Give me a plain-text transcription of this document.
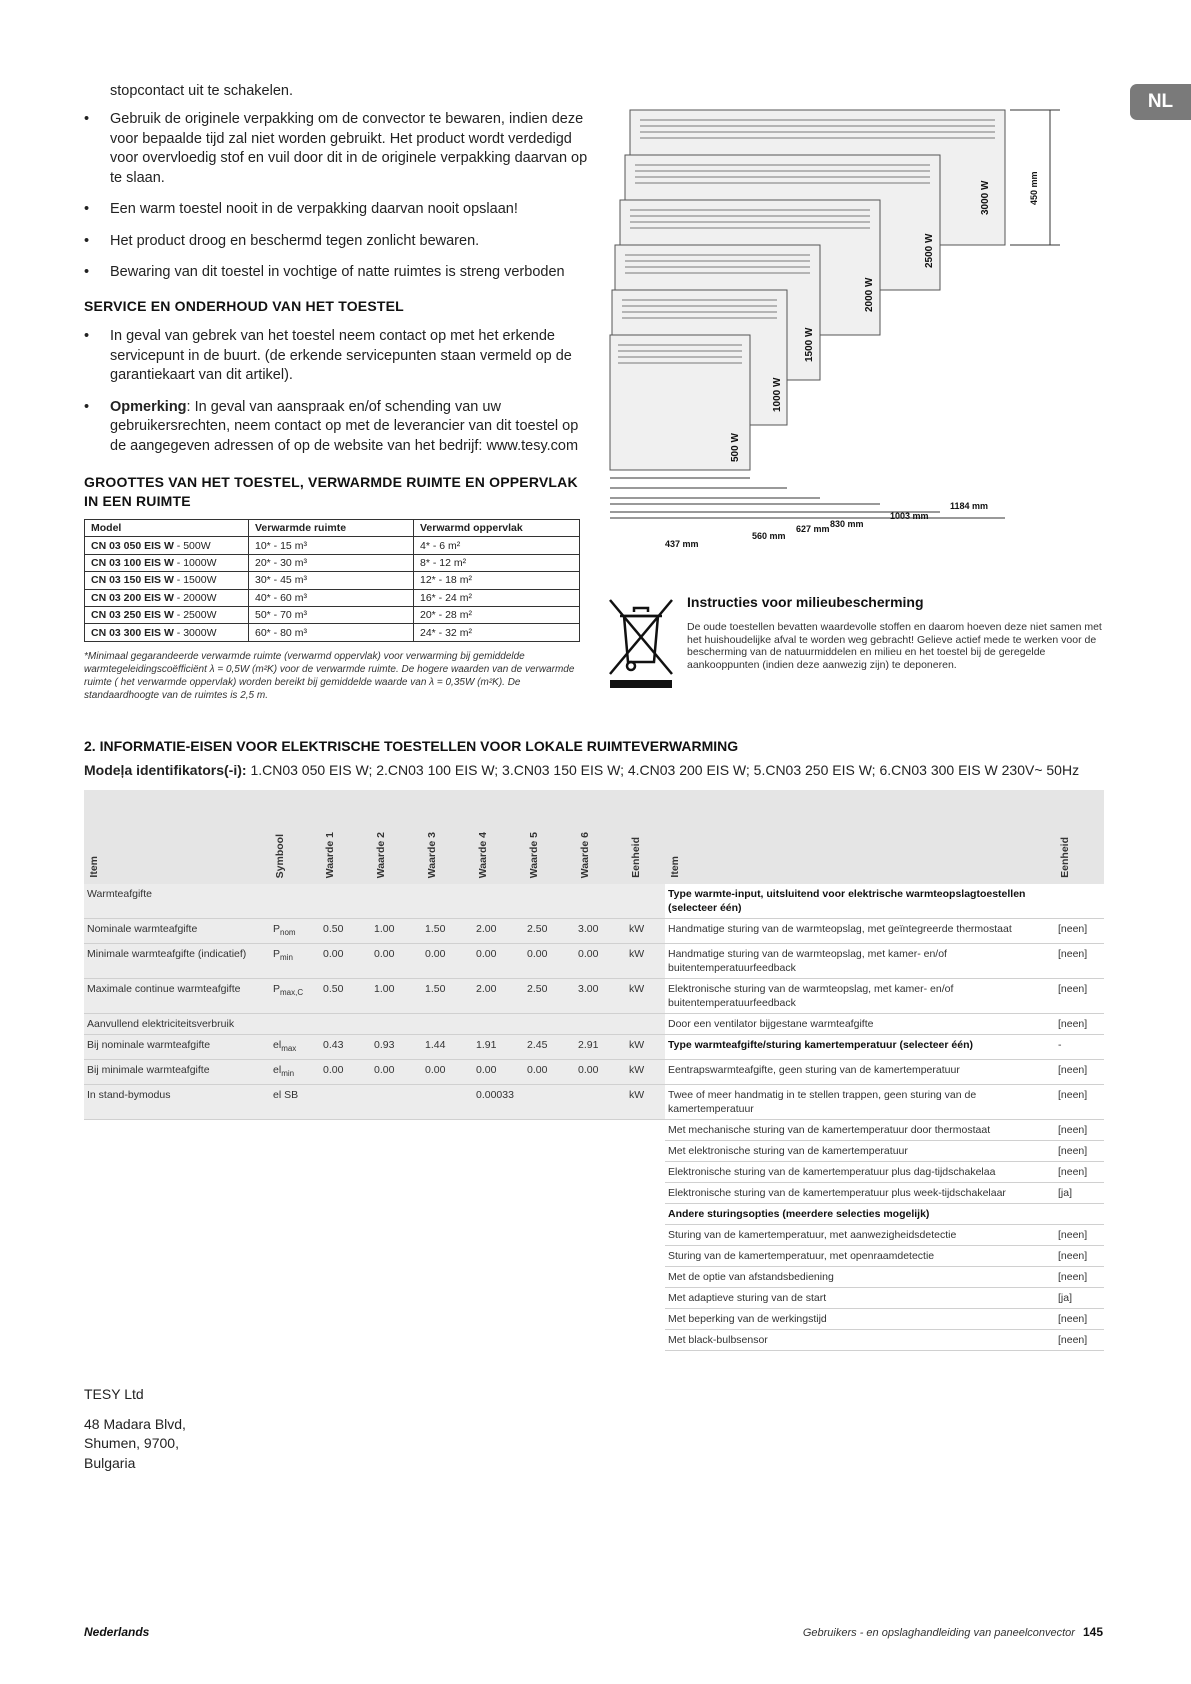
NL
stopcontact uit te schakelen.
• Gebruik de originele verpakking om de convector te bewaren, indien deze voor bepaalde tijd zal niet worden gebruikt. Het product wordt verdedigd voor overvloedig stof en vuil door dit in de originele verpakking daarvan op te slaan.
• Een warm toestel nooit in de verpakking daarvan nooit opslaan!
• Het product droog en beschermd tegen zonlicht bewaren.
• Bewaring van dit toestel in vochtige of natte ruimtes is streng verboden
SERVICE EN ONDERHOUD VAN HET TOESTEL
• In geval van gebrek van het toestel neem contact op met het erkende servicepunt in de buurt. (de erkende servicepunten staan vermeld op de garantiekaart van dit artikel).
• Opmerking: In geval van aanspraak en/of schending van uw gebruikersrechten, neem contact op met de leverancier van dit toestel op de aangegeven adressen of op de website van het bedrijf: www.tesy.com
GROOTTES VAN HET TOESTEL, VERWARMDE RUIMTE EN OPPERVLAK
IN EEN RUIMTE
Model	Verwarmde ruimte	Verwarmd oppervlak
CN 03 050 EIS W - 500W	10* - 15 m³	4* - 6 m²
CN 03 100 EIS W - 1000W	20* - 30 m³	8* - 12 m²
CN 03 150 EIS W - 1500W	30* - 45 m³	12* - 18 m²
CN 03 200 EIS W - 2000W	40* - 60 m³	16* - 24 m²
CN 03 250 EIS W - 2500W	50* - 70 m³	20* - 28 m²
CN 03 300 EIS W - 3000W	60* - 80 m³	24* - 32 m²
*Minimaal gegarandeerde verwarmde ruimte (verwarmd oppervlak) voor verwarming bij gemiddelde warmtegeleidingscoëfficiënt λ = 0,5W (m²K) voor de verwarmde ruimte. De hogere waarden van de verwarmde ruimte ( het verwarmde oppervlak) worden bereikt bij gemiddelde waarde van λ = 0,35W (m²K). De standaardhoogte van de ruimtes is 2,5 m.
500 W
1000 W
1500 W
2000 W
2500 W
3000 W	450 mm
437 mm
560 mm
627 mm 830 mm
1003 mm
1184 mm
Instructies voor milieubescherming
De oude toestellen bevatten waardevolle stoffen en daarom hoeven deze niet samen met het huishoudelijke afval te worden weg gebracht! Gelieve actief mede te werken voor de bescherming van de natuurmiddelen en milieu en het toestel bij de geregelde aankooppunten (indien deze aanwezig zijn) te deponeren.
2. INFORMATIE-EISEN VOOR ELEKTRISCHE TOESTELLEN VOOR LOKALE RUIMTEVERWARMING
Modeļa identifikators(-i): 1.CN03 050 EIS W; 2.CN03 100 EIS W; 3.CN03 150 EIS W; 4.CN03 200 EIS W; 5.CN03 250 EIS W; 6.CN03 300 EIS W 230V~ 50Hz
Item	Symbool	Waarde 1	Waarde 2	Waarde 3	Waarde 4	Waarde 5	Waarde 6	Eenheid	Item	Eenheid

Warmteafgifte									Type warmte-input, uitsluitend voor elektrische warmteopslagtoestellen (selecteer één)	
Nominale warmteafgifte	$P_{nom}$	0.50	1.00	1.50	2.00	2.50	3.00	kW	Handmatige sturing van de warmteopslag, met geïntegreerde thermostaat	[neen]
Minimale warmteafgifte (indicatief)	$P_{min}$	0.00	0.00	0.00	0.00	0.00	0.00	kW	Handmatige sturing van de warmteopslag, met kamer- en/of buitentemperatuurfeedback	[neen]
Maximale continue warmteafgifte	$P_{max,C}$	0.50	1.00	1.50	2.00	2.50	3.00	kW	Elektronische sturing van de warmteopslag, met kamer- en/of buitentemperatuurfeedback	[neen]
Aanvullend elektriciteitsverbruik									Door een ventilator bijgestane warmteafgifte	[neen]
Bij nominale warmteafgifte	$el_{max}$	0.43	0.93	1.44	1.91	2.45	2.91	kW	Type warmteafgifte/sturing kamertemperatuur (selecteer één)	-
Bij minimale warmteafgifte	$el_{min}$	0.00	0.00	0.00	0.00	0.00	0.00	kW	Eentrapswarmteafgifte, geen sturing van de kamertemperatuur	[neen]
In stand-bymodus	el SB				0.00033			kW	Twee of meer handmatig in te stellen trappen, geen sturing van de kamertemperatuur	[neen]
									Met mechanische sturing van de kamertemperatuur door thermostaat	[neen]
									Met elektronische sturing van de kamertemperatuur	[neen]
									Elektronische sturing van de kamertemperatuur plus dag-tijdschakelaa	[neen]
									Elektronische sturing van de kamertemperatuur plus week-tijdschakelaar	[ja]
									Andere sturingsopties (meerdere selecties mogelijk)	
									Sturing van de kamertemperatuur, met aanwezigheidsdetectie	[neen]
									Sturing van de kamertemperatuur, met openraamdetectie	[neen]
									Met de optie van afstandsbediening	[neen]
									Met adaptieve sturing van de start	[ja]
									Met beperking van de werkingstijd	[neen]
									Met black-bulbsensor	[neen]
TESY Ltd
48 Madara Blvd,
Shumen, 9700,
Bulgaria
Nederlands	Gebruikers - en opslaghandleiding van paneelconvector 145
